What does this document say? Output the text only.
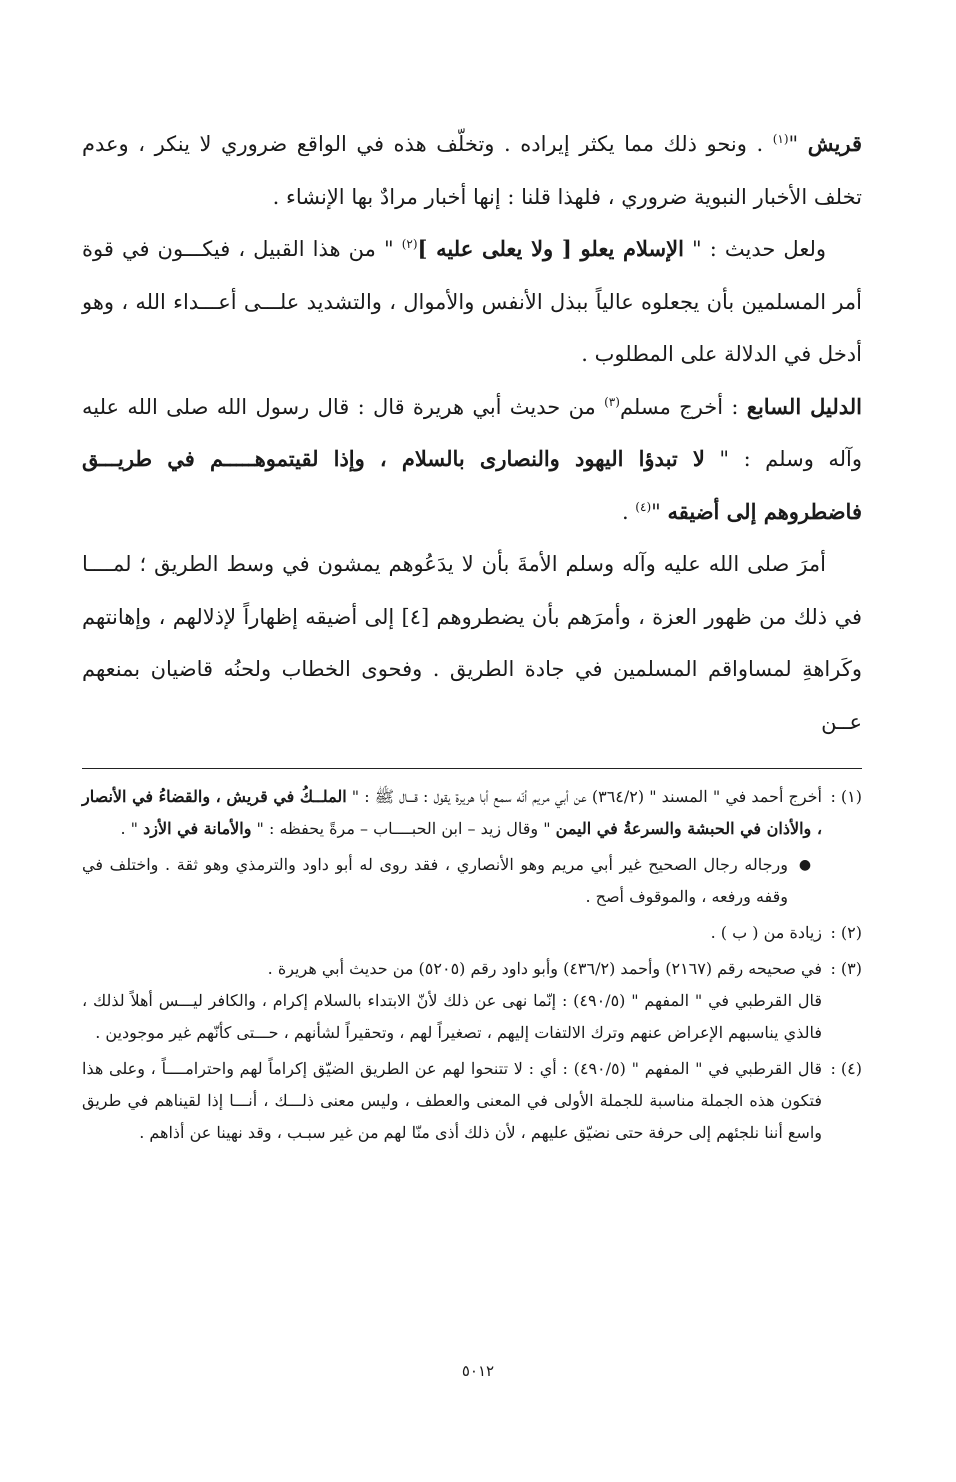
قريش "$^{(١)}$ . ونحو ذلك مما يكثر إيراده . وتخلّف هذه في الواقع ضروري لا ينكر ، وعدم تخلف الأخبار النبوية ضروري ، فلهذا قلنا : إنها أخبار مرادٌ بها الإنشاء .

ولعل حديث : " الإسلام يعلو [ ولا يعلى عليه ]$^{(٢)}$ " من هذا القبيل ، فيكـــون في قوة أمر المسلمين بأن يجعلوه عالياً ببذل الأنفس والأموال ، والتشديد علـــى أعـــداء الله ، وهو أدخل في الدلالة على المطلوب .

الدليل السابع : أخرج مسلم$^{(٣)}$ من حديث أبي هريرة قال : قال رسول الله صلى الله عليه وآله وسلم : " لا تبدؤا اليهود والنصارى بالسلام ، وإذا لقيتموهـــــم في طريـــق فاضطروهم إلى أضيقه "$^{(٤)}$ .

أمرَ صلى الله عليه وآله وسلم الأمةَ بأن لا يدَعُوهم يمشون في وسط الطريق ؛ لمــــا في ذلك من ظهور العزة ، وأمرَهم بأن يضطروهم [٤] إلى أضيقه إظهاراً لإذلالهم ، وإهانتهم وكَراهةِ لمساواقم المسلمين في جادة الطريق . وفحوى الخطاب ولحنُه قاضيان بمنعهم عــن

(١) :

أخرج أحمد في " المسند " (٣٦٤/٢) عن أبي مريم أنّه سمع أبا هريرة يقول : قـــال ﷺ : " الملــكُ في قريش ، والقضاءُ في الأنصار ، والأذان في الحبشة والسرعةُ في اليمن " وقال زيد – ابن الحبــــاب – مرةً يحفظه : " والأمانة في الأزد " .

●
ورجاله رجال الصحيح غير أبي مريم وهو الأنصاري ، فقد روى له أبو داود والترمذي وهو ثقة . واختلف في وقفه ورفعه ، والموقوف أصح .
(٢) :
زيادة من ( ب ) .
(٣) :

في صحيحه رقم (٢١٦٧) وأحمد (٤٣٦/٢) وأبو داود رقم (٥٢٠٥) من حديث أبي هريرة .

قال القرطبي في " المفهم " (٤٩٠/٥) : إنّما نهى عن ذلك لأنّ الابتداء بالسلام إكرام ، والكافر ليـــس أهلاً لذلك ، فالذي يناسبهم الإعراض عنهم وترك الالتفات إليهم ، تصغيراً لهم ، وتحقيراً لشأنهم ، حـــتى كأنّهم غير موجودين .

(٤) :
قال القرطبي في " المفهم " (٤٩٠/٥) : أي : لا تتنحوا لهم عن الطريق الضيّق إكراماً لهم واحترامــــاً ، وعلى هذا فتكون هذه الجملة مناسبة للجملة الأولى في المعنى والعطف ، وليس معنى ذلـــك ، أنـــا إذا لقيناهم في طريق واسع أننا نلجئهم إلى حرفة حتى نضيّق عليهم ، لأن ذلك أذى منّا لهم من غير سبـب ، وقد نهينا عن أذاهم .
٥٠١٢
